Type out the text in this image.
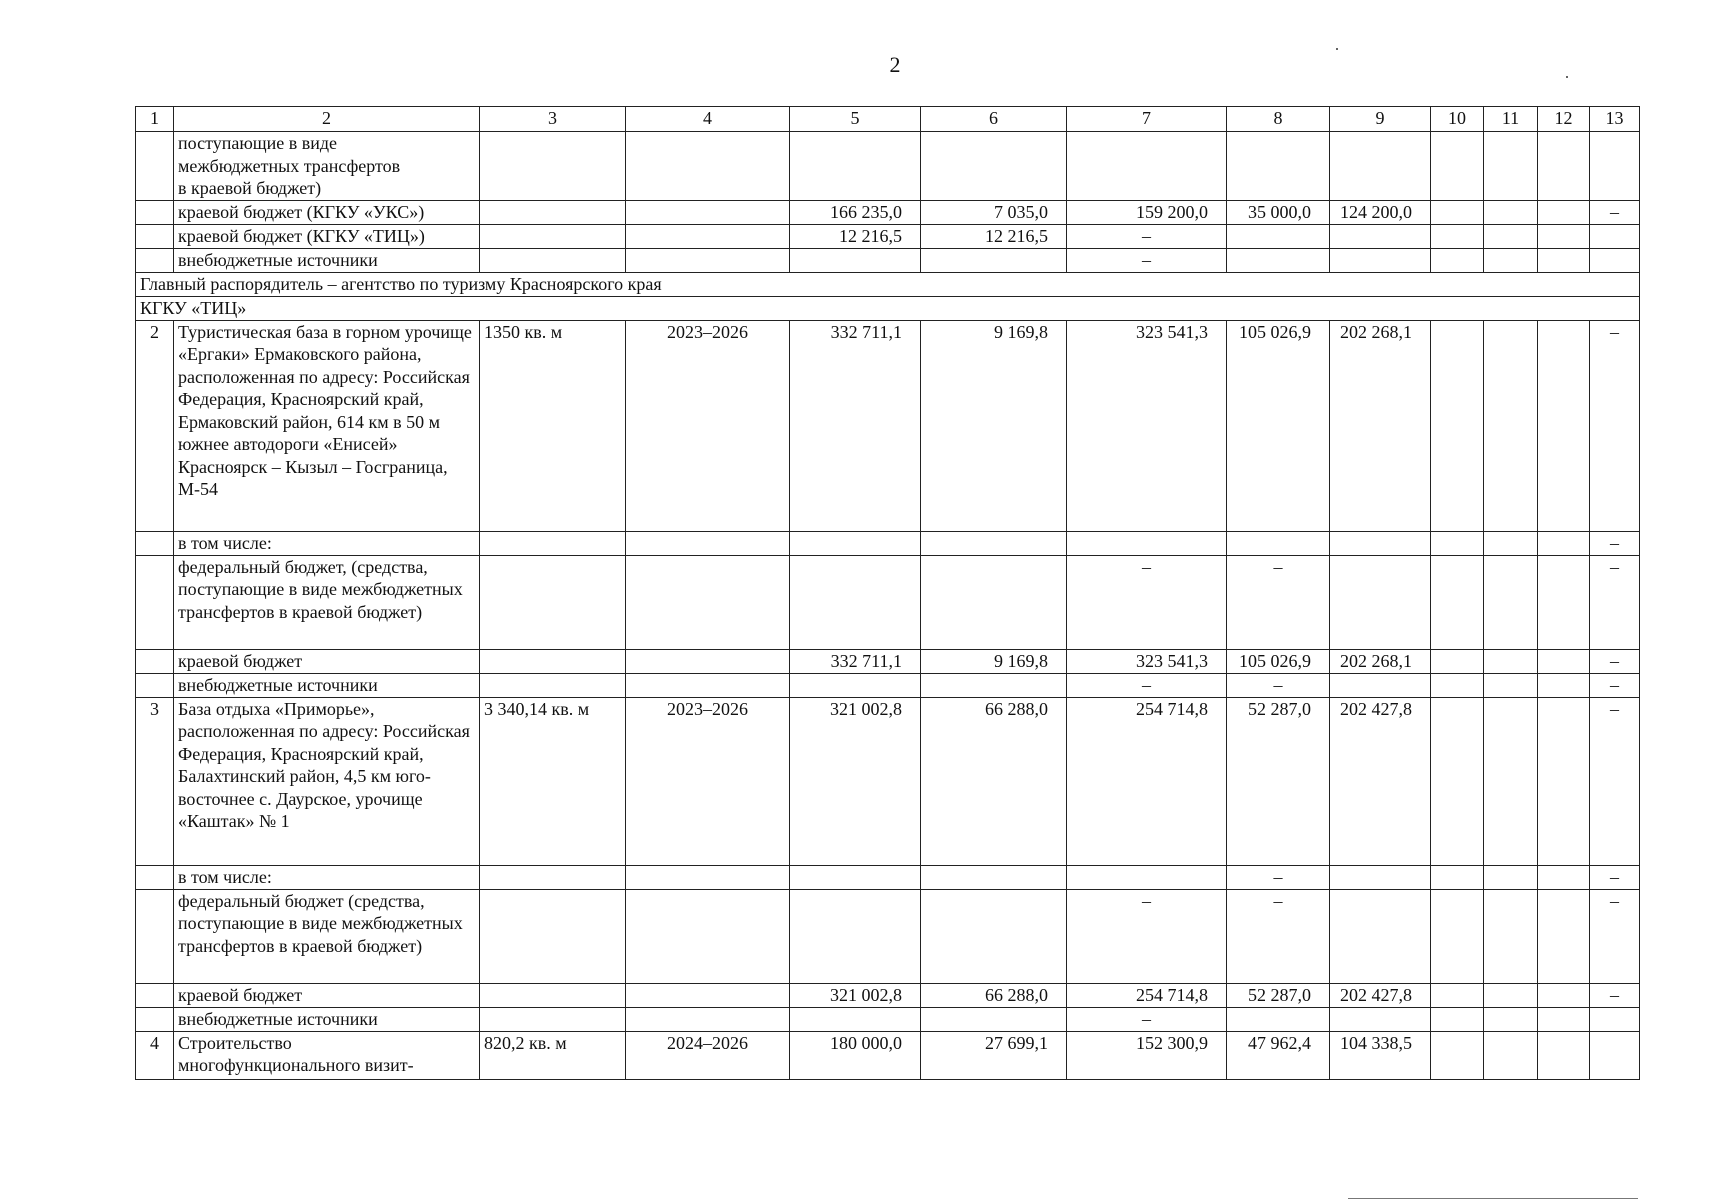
2
1	2	3	4	5	6	7	8	9	10	11	12	13
	поступающие в виде
межбюджетных трансфертов
в краевой бюджет)											
	краевой бюджет (КГКУ «УКС»)			166 235,0	7 035,0	159 200,0	35 000,0	124 200,0				–
	краевой бюджет (КГКУ «ТИЦ»)			12 216,5	12 216,5	–						
	внебюджетные источники					–						
Главный распорядитель – агентство по туризму Красноярского края												
КГКУ «ТИЦ»												
2	Туристическая база в горном урочище «Ергаки» Ермаковского района, расположенная по адресу: Российская Федерация, Красноярский край, Ермаковский район, 614 км в 50 м южнее автодороги «Енисей» Красноярск – Кызыл – Госграница, М-54	1350 кв. м	2023–2026	332 711,1	9 169,8	323 541,3	105 026,9	202 268,1				–
	в том числе:											–
	федеральный бюджет, (средства, поступающие в виде межбюджетных трансфертов в краевой бюджет)					–	–					–
	краевой бюджет			332 711,1	9 169,8	323 541,3	105 026,9	202 268,1				–
	внебюджетные источники					–	–					–
3	База отдыха «Приморье», расположенная по адресу: Российская Федерация, Красноярский край, Балахтинский район, 4,5 км юго-восточнее с. Даурское, урочище «Каштак» № 1	3 340,14 кв. м	2023–2026	321 002,8	66 288,0	254 714,8	52 287,0	202 427,8				–
	в том числе:						–					–
	федеральный бюджет (средства, поступающие в виде межбюджетных трансфертов в краевой бюджет)					–	–					–
	краевой бюджет			321 002,8	66 288,0	254 714,8	52 287,0	202 427,8				–
	внебюджетные источники					–						
4	Строительство многофункционального визит-	820,2 кв. м	2024–2026	180 000,0	27 699,1	152 300,9	47 962,4	104 338,5				
